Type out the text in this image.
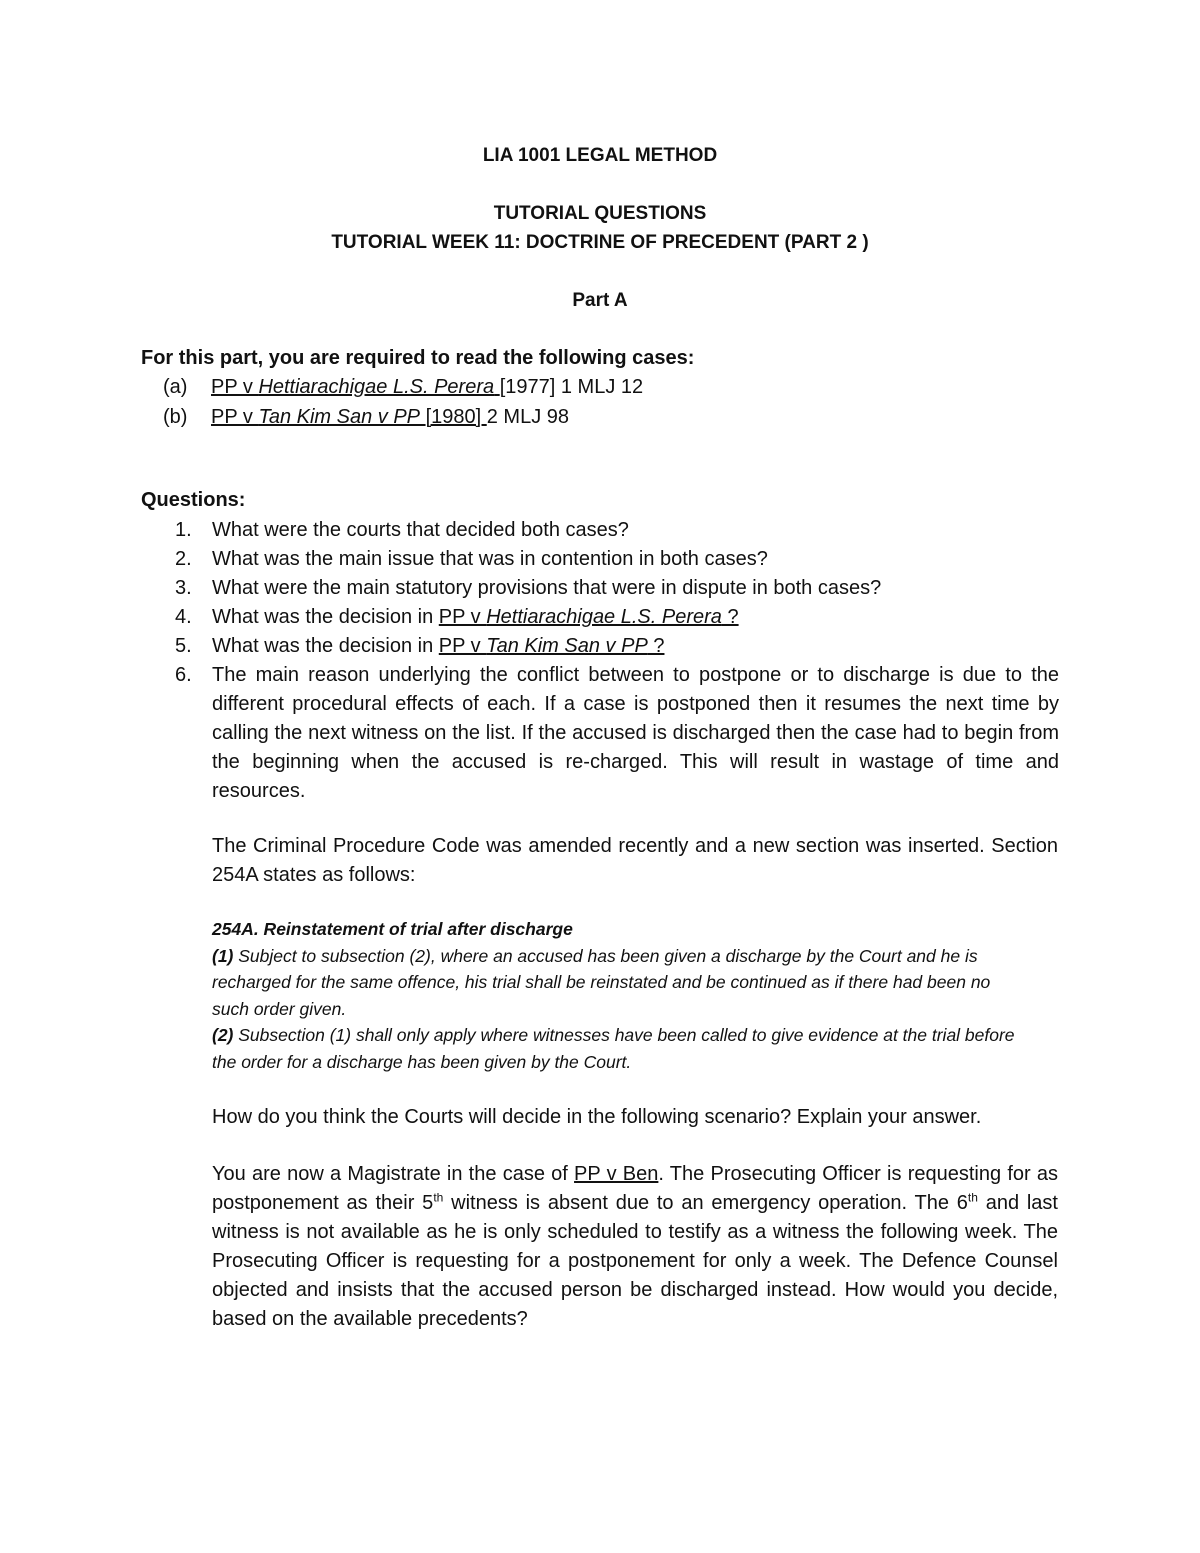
LIA 1001 LEGAL METHOD
TUTORIAL QUESTIONS
TUTORIAL WEEK 11: DOCTRINE OF PRECEDENT (PART 2 )
Part A
For this part, you are required to read the following cases:
(a) PP v Hettiarachigae L.S. Perera [1977] 1 MLJ 12
(b) PP v Tan Kim San v PP [1980] 2 MLJ 98
Questions:
1.	What were the courts that decided both cases?
2.	What was the main issue that was in contention in both cases?
3.	What were the main statutory provisions that were in dispute in both cases?
4.	What was the decision in PP v Hettiarachigae L.S. Perera ?
5.	What was the decision in PP v Tan Kim San v PP ?
6.	The main reason underlying the conflict between to postpone or to discharge is due to the different procedural effects of each. If a case is postponed then it resumes the next time by calling the next witness on the list. If the accused is discharged then the case had to begin from the beginning when the accused is re-charged. This will result in wastage of time and resources.
The Criminal Procedure Code was amended recently and a new section was inserted. Section 254A states as follows:
254A. Reinstatement of trial after discharge
(1) Subject to subsection (2), where an accused has been given a discharge by the Court and he is recharged for the same offence, his trial shall be reinstated and be continued as if there had been no such order given.
(2) Subsection (1) shall only apply where witnesses have been called to give evidence at the trial before the order for a discharge has been given by the Court.
How do you think the Courts will decide in the following scenario? Explain your answer.
You are now a Magistrate in the case of PP v Ben. The Prosecuting Officer is requesting for as postponement as their 5th witness is absent due to an emergency operation. The 6th and last witness is not available as he is only scheduled to testify as a witness the following week. The Prosecuting Officer is requesting for a postponement for only a week. The Defence Counsel objected and insists that the accused person be discharged instead. How would you decide, based on the available precedents?
